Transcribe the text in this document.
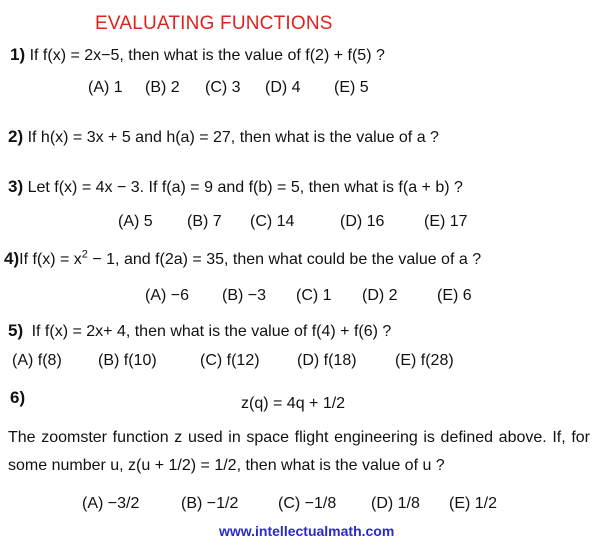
EVALUATING FUNCTIONS
1) If f(x) = 2x−5, then what is the value of f(2) + f(5) ?
(A) 1 (B) 2 (C) 3 (D) 4 (E) 5
2) If h(x) = 3x + 5 and h(a) = 27, then what is the value of a ?
3) Let f(x) = 4x − 3. If f(a) = 9 and f(b) = 5, then what is f(a + b) ?
(A) 5 (B) 7 (C) 14	(D) 16 (E) 17
4)If $f(x) = x^2 - 1$, and f(2a) = 35, then what could be the value of a ?
(A) −6 (B) −3 (C) 1 (D) 2 (E) 6
5) If f(x) = 2x+ 4, then what is the value of f(4) + f(6) ?
(A) f(8) (B) f(10)	(C) f(12) (D) f(18) (E) f(28)
6)	z(q) = 4q + 1/2
The zoomster function z used in space flight engineering is defined above. If, for some number u, z(u + 1/2) = 1/2, then what is the value of u ?
(A) −3/2	(B) −1/2 (C) −1/8 (D) 1/8 (E) 1/2
www.intellectualmath.com
